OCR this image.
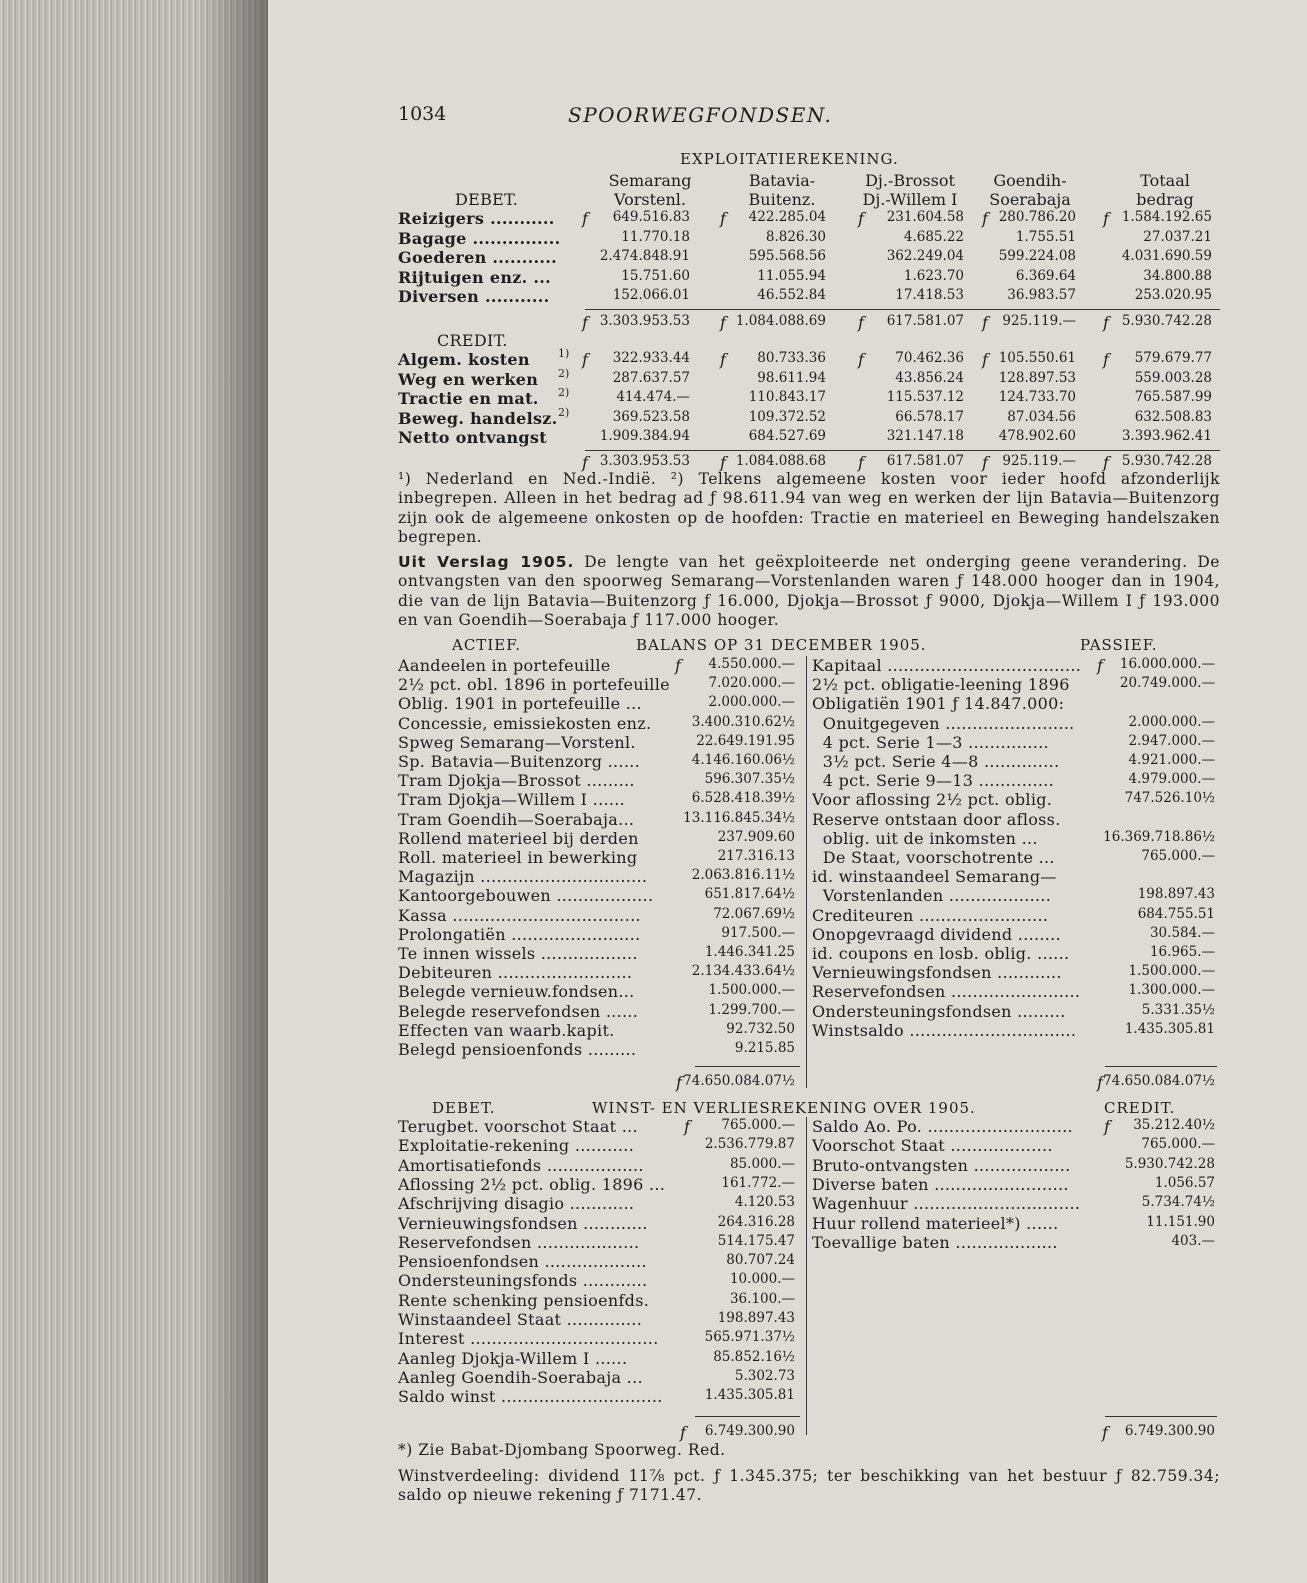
1034	SPOORWEGFONDSEN.
EXPLOITATIEREKENING.
Semarang
Vorstenl.
Batavia-
Buitenz.
Dj.-Brossot
Dj.-Willem I
Goendih-
Soerabaja
Totaal
bedrag
DEBET.
Reizigers ........... f	649.516.83 f	422.285.04 f	231.604.58 f 280.786.20 f 1.584.192.65
Bagage ...............	11.770.18	8.826.30	4.685.22	1.755.51	27.037.21
Goederen ...........	2.474.848.91	595.568.56	362.249.04	599.224.08	4.031.690.59
Rijtuigen enz. ...	15.751.60	11.055.94	1.623.70	6.369.64	34.800.88
Diversen ...........	152.066.01	46.552.84	17.418.53	36.983.57	253.020.95
f 3.303.953.53 f 1.084.088.69 f	617.581.07 f	925.119.— f 5.930.742.28
CREDIT.
Algem. kosten	1) f	322.933.44 f	80.733.36 f	70.462.36 f 105.550.61 f	579.679.77
Weg en werken 2)	287.637.57	98.611.94	43.856.24	128.897.53	559.003.28
Tractie en mat. 2)	414.474.—	110.843.17	115.537.12	124.733.70	765.587.99
Beweg. handelsz. 2)	369.523.58	109.372.52	66.578.17	87.034.56	632.508.83
Netto ontvangst	1.909.384.94	684.527.69	321.147.18	478.902.60	3.393.962.41
f 3.303.953.53 f 1.084.088.68 f	617.581.07 f	925.119.— f 5.930.742.28
¹) Nederland en Ned.-Indië. ²) Telkens algemeene kosten voor ieder hoofd afzonderlijk inbegrepen. Alleen in het bedrag ad ƒ 98.611.94 van weg en werken der lijn Batavia—Buitenzorg zijn ook de algemeene onkosten op de hoofden: Tractie en materieel en Beweging handelszaken begrepen.
Uit Verslag 1905. De lengte van het geëxploiteerde net onderging geene verandering. De ontvangsten van den spoorweg Semarang—Vorstenlanden waren ƒ 148.000 hooger dan in 1904, die van de lijn Batavia—Buitenzorg ƒ 16.000, Djokja—Brossot ƒ 9000, Djokja—Willem I ƒ 193.000 en van Goendih—Soerabaja ƒ 117.000 hooger.
ACTIEF.	BALANS OP 31 DECEMBER 1905.	PASSIEF.
Aandeelen in portefeuille	f	4.550.000.—
2½ pct. obl. 1896 in portefeuille	7.020.000.—
Oblig. 1901 in portefeuille ...	2.000.000.—
Concessie, emissiekosten enz.	3.400.310.62½
Spweg Semarang—Vorstenl.	22.649.191.95
Sp. Batavia—Buitenzorg ......	4.146.160.06½
Tram Djokja—Brossot .........	596.307.35½
Tram Djokja—Willem I ......	6.528.418.39½
Tram Goendih—Soerabaja...	13.116.845.34½
Rollend materieel bij derden	237.909.60
Roll. materieel in bewerking	217.316.13
Magazijn ...............................	2.063.816.11½
Kantoorgebouwen ..................	651.817.64½
Kassa ...................................	72.067.69½
Prolongatiën ........................	917.500.—
Te innen wissels ..................	1.446.341.25
Debiteuren .........................	2.134.433.64½
Belegde vernieuw.fondsen...	1.500.000.—
Belegde reservefondsen ......	1.299.700.—
Effecten van waarb.kapit.	92.732.50
Belegd pensioenfonds .........	9.215.85
Kapitaal .................................... f	16.000.000.—
2½ pct. obligatie-leening 1896	20.749.000.—
Obligatiën 1901 ƒ 14.847.000:
Onuitgegeven ........................	2.000.000.—
4 pct. Serie 1—3 ...............	2.947.000.—
3½ pct. Serie 4—8 ..............	4.921.000.—
4 pct. Serie 9—13 ..............	4.979.000.—
Voor aflossing 2½ pct. oblig.	747.526.10½
Reserve ontstaan door afloss.
oblig. uit de inkomsten ...	16.369.718.86½
De Staat, voorschotrente ...	765.000.—
id. winstaandeel Semarang—
Vorstenlanden ...................	198.897.43
Crediteuren ........................	684.755.51
Onopgevraagd dividend ........	30.584.—
id. coupons en losb. oblig. ......	16.965.—
Vernieuwingsfondsen ............	1.500.000.—
Reservefondsen ........................	1.300.000.—
Ondersteuningsfondsen .........	5.331.35½
Winstsaldo ...............................	1.435.305.81
f 74.650.084.07½	f 74.650.084.07½
DEBET.	WINST- EN VERLIESREKENING OVER 1905.	CREDIT.
Terugbet. voorschot Staat ...	f	765.000.—
Exploitatie-rekening ...........	2.536.779.87
Amortisatiefonds ..................	85.000.—
Aflossing 2½ pct. oblig. 1896 ...	161.772.—
Afschrijving disagio ............	4.120.53
Vernieuwingsfondsen ............	264.316.28
Reservefondsen ...................	514.175.47
Pensioenfondsen ...................	80.707.24
Ondersteuningsfonds ............	10.000.—
Rente schenking pensioenfds.	36.100.—
Winstaandeel Staat ..............	198.897.43
Interest ...................................	565.971.37½
Aanleg Djokja-Willem I ......	85.852.16½
Aanleg Goendih-Soerabaja ...	5.302.73
Saldo winst ..............................	1.435.305.81
Saldo Ao. Po. ........................... f	35.212.40½
Voorschot Staat ...................	765.000.—
Bruto-ontvangsten ..................	5.930.742.28
Diverse baten .........................	1.056.57
Wagenhuur ...............................	5.734.74½
Huur rollend materieel*) ......	11.151.90
Toevallige baten ...................	403.—
f	6.749.300.90	f	6.749.300.90
*) Zie Babat-Djombang Spoorweg. Red.
Winstverdeeling: dividend 11⅞ pct. ƒ 1.345.375; ter beschikking van het bestuur ƒ 82.759.34; saldo op nieuwe rekening ƒ 7171.47.
